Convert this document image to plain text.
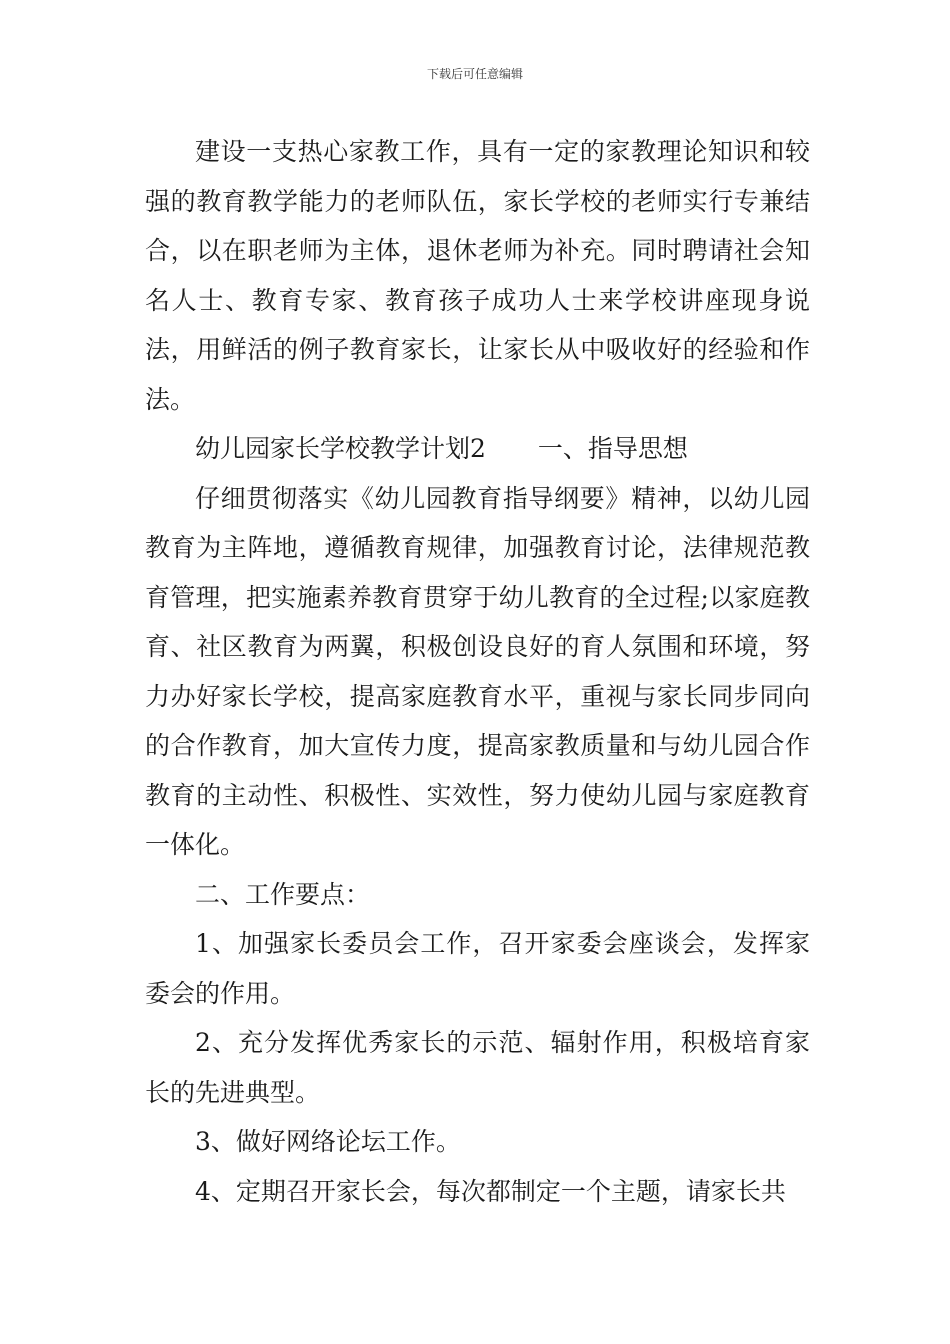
下载后可任意编辑

建设一支热心家教工作，具有一定的家教理论知识和较强的教育教学能力的老师队伍，家长学校的老师实行专兼结合，以在职老师为主体，退休老师为补充。同时聘请社会知名人士、教育专家、教育孩子成功人士来学校讲座现身说法，用鲜活的例子教育家长，让家长从中吸收好的经验和作法。

幼儿园家长学校教学计划2 一、指导思想

仔细贯彻落实《幼儿园教育指导纲要》精神，以幼儿园教育为主阵地，遵循教育规律，加强教育讨论，法律规范教育管理，把实施素养教育贯穿于幼儿教育的全过程;以家庭教育、社区教育为两翼，积极创设良好的育人氛围和环境，努力办好家长学校，提高家庭教育水平，重视与家长同步同向的合作教育，加大宣传力度，提高家教质量和与幼儿园合作教育的主动性、积极性、实效性，努力使幼儿园与家庭教育一体化。

二、工作要点：

1、加强家长委员会工作，召开家委会座谈会，发挥家委会的作用。

2、充分发挥优秀家长的示范、辐射作用，积极培育家长的先进典型。

3、做好网络论坛工作。

4、定期召开家长会，每次都制定一个主题，请家长共
